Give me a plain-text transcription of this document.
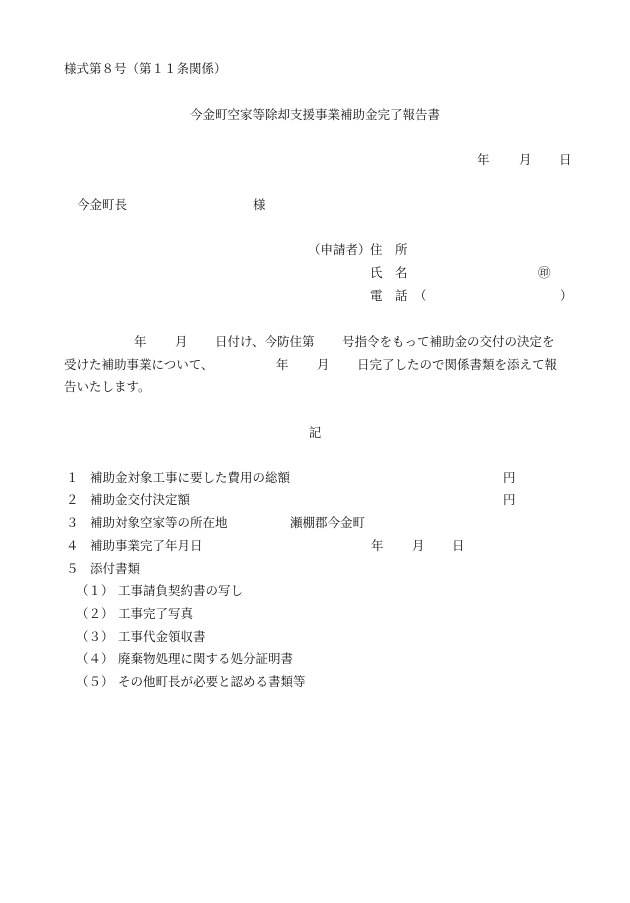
様式第８号（第１１条関係）
今金町空家等除却支援事業補助金完了報告書
年 月 日
今金町長	様
（申請者） 住　所
氏　名	㊞
電　話 （	）
年 月 日付け、今防住第 号指令をもって補助金の交付の決定を
受けた補助事業について、	年 月 日完了したので関係書類を添えて報
告いたします。
記
１ 補助金対象工事に要した費用の総額	円
２ 補助金交付決定額	円
３ 補助対象空家等の所在地	瀬棚郡今金町
４ 補助事業完了年月日	年 月 日
５ 添付書類
（１） 工事請負契約書の写し
（２） 工事完了写真
（３） 工事代金領収書
（４） 廃棄物処理に関する処分証明書
（５） その他町長が必要と認める書類等
